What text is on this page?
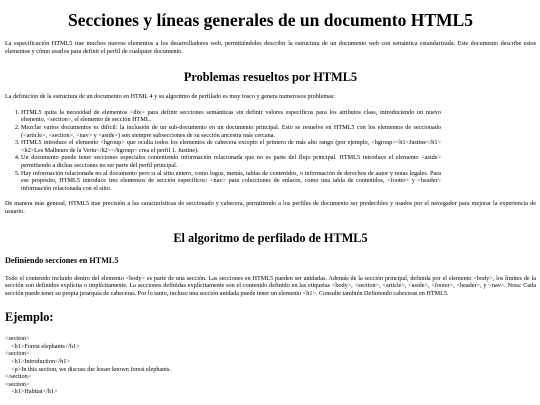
Secciones y líneas generales de un documento HTML5

La especificación HTML5 trae muchos nuevos elementos a los desarrolladores web, permitiéndoles describir la estructura de un documento web con semántica estandarizada. Este documento describe estos elementos y cómo usarlos para definir el perfil de cualquier documento.

Problemas resueltos por HTML5

La definición de la estructura de un documento en HTML 4 y su algoritmo de perfilado es muy tosco y genera numerosos problemas:

1. HTML5 quita la necesidad de elementos <div> para definir secciones semánticas sin definir valores específicos para los atributos class, introduciendo un nuevo elemento, <section>, el elemento de sección HTML.
2. Mezclar varios documentos es difícil: la inclusión de un sub-documento en un documento principal. Esto se resuelve en HTML5 con los elementos de seccionado (<article>, <section>, <nav> y <aside>) son siempre subsecciones de su sección ancestra más cercana.
3. HTML5 introduce el elemento <hgroup> que oculta todos los elementos de cabecera excepto el primero de más alto rango (por ejemplo, <hgroup><h1>Justine</h1><h2>Les Malheurs de la Vertu</h2></hgroup> crea el perfil 1. Justine).
4. Un documento puede tener secciones especiales conteniendo información relacionada que no es parte del flujo principal. HTML5 introduce el elemento <aside> permitiendo a dichas secciones no ser parte del perfil principal.
5. Hay información relacionada no al documento pero si al sitio entero, como logos, menús, tablas de contenidos, o información de derechos de autor y notas legales. Para ese propósito, HTML5 introduce tres elementos de sección específicos: <nav> para colecciones de enlaces, como una tabla de contenidos, <footer> y <header> información relacionada con el sitio.

De manera más general, HTML5 trae precisión a las características de seccionado y cabecera, permitiendo a los perfiles de documento ser predecibles y usados por el navegador para mejorar la experiencia de usuario.

El algoritmo de perfilado de HTML5
Definiendo secciones en HTML5

Todo el contenido incluido dentro del elemento <body> es parte de una sección. Las secciones en HTML5 pueden ser anidadas. Además de la sección principal, definida por el elemento <body>, los límites de la sección son definidos explícita o implícitamente. La secciones definidas explícitamente son el contenido definido en las etiquetas <body>, <section>, <article>, <aside>, <footer>, <header>, y <nav>. Nota: Cada sección puede tener su propia jerarquía de cabeceras. Por lo tanto, incluso una sección anidada puede tener un elemento <h1>. Consulte también Definiendo cabeceras en HTML5.

Ejemplo:
<section>
<h1>Forest elephants</h1>
<section>
<h1>Introduction</h1>
<p>In this section, we discuss the lesser known forest elephants.
</section>
<section>
<h1>Habitat</h1>
